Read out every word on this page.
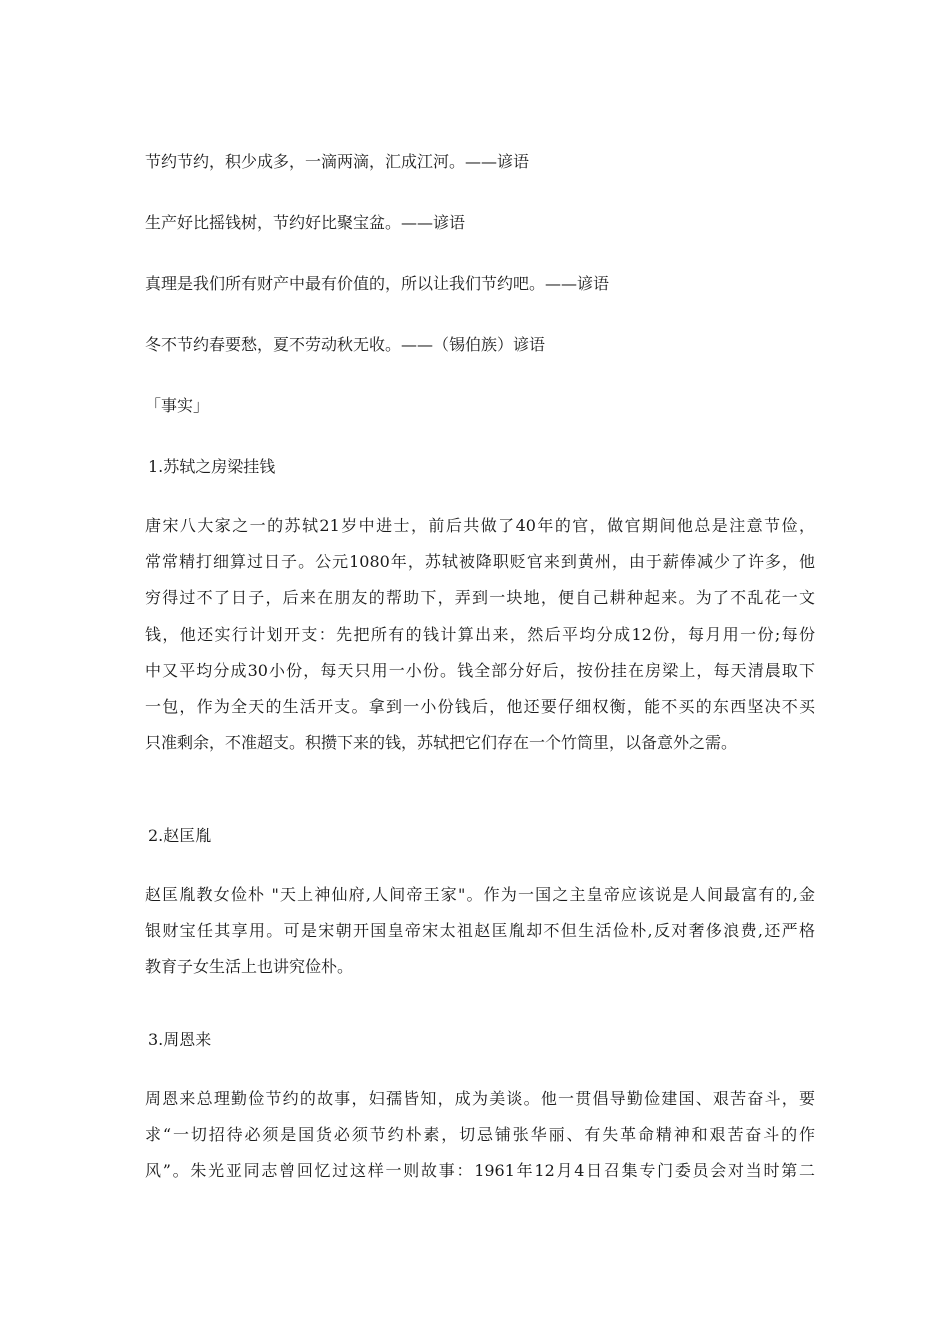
节约节约，积少成多，一滴两滴，汇成江河。——谚语
生产好比摇钱树，节约好比聚宝盆。——谚语
真理是我们所有财产中最有价值的，所以让我们节约吧。——谚语
冬不节约春要愁，夏不劳动秋无收。——（锡伯族）谚语
「事实」
1.苏轼之房梁挂钱
唐宋八大家之一的苏轼21岁中进士，前后共做了40年的官，做官期间他总是注意节俭，
常常精打细算过日子。公元1080年，苏轼被降职贬官来到黄州，由于薪俸减少了许多，他
穷得过不了日子，后来在朋友的帮助下，弄到一块地，便自己耕种起来。为了不乱花一文
钱，他还实行计划开支：先把所有的钱计算出来，然后平均分成12份，每月用一份;每份
中又平均分成30小份，每天只用一小份。钱全部分好后，按份挂在房梁上，每天清晨取下
一包，作为全天的生活开支。拿到一小份钱后，他还要仔细权衡，能不买的东西坚决不买
只准剩余，不准超支。积攒下来的钱，苏轼把它们存在一个竹筒里，以备意外之需。
2.赵匡胤
赵匡胤教女俭朴 "天上神仙府,人间帝王家"。作为一国之主皇帝应该说是人间最富有的,金
银财宝任其享用。可是宋朝开国皇帝宋太祖赵匡胤却不但生活俭朴,反对奢侈浪费,还严格
教育子女生活上也讲究俭朴。
3.周恩来
周恩来总理勤俭节约的故事，妇孺皆知，成为美谈。他一贯倡导勤俭建国、艰苦奋斗，要
求“一切招待必须是国货必须节约朴素，切忌铺张华丽、有失革命精神和艰苦奋斗的作
风”。朱光亚同志曾回忆过这样一则故事：1961年12月4日召集专门委员会对当时第二
